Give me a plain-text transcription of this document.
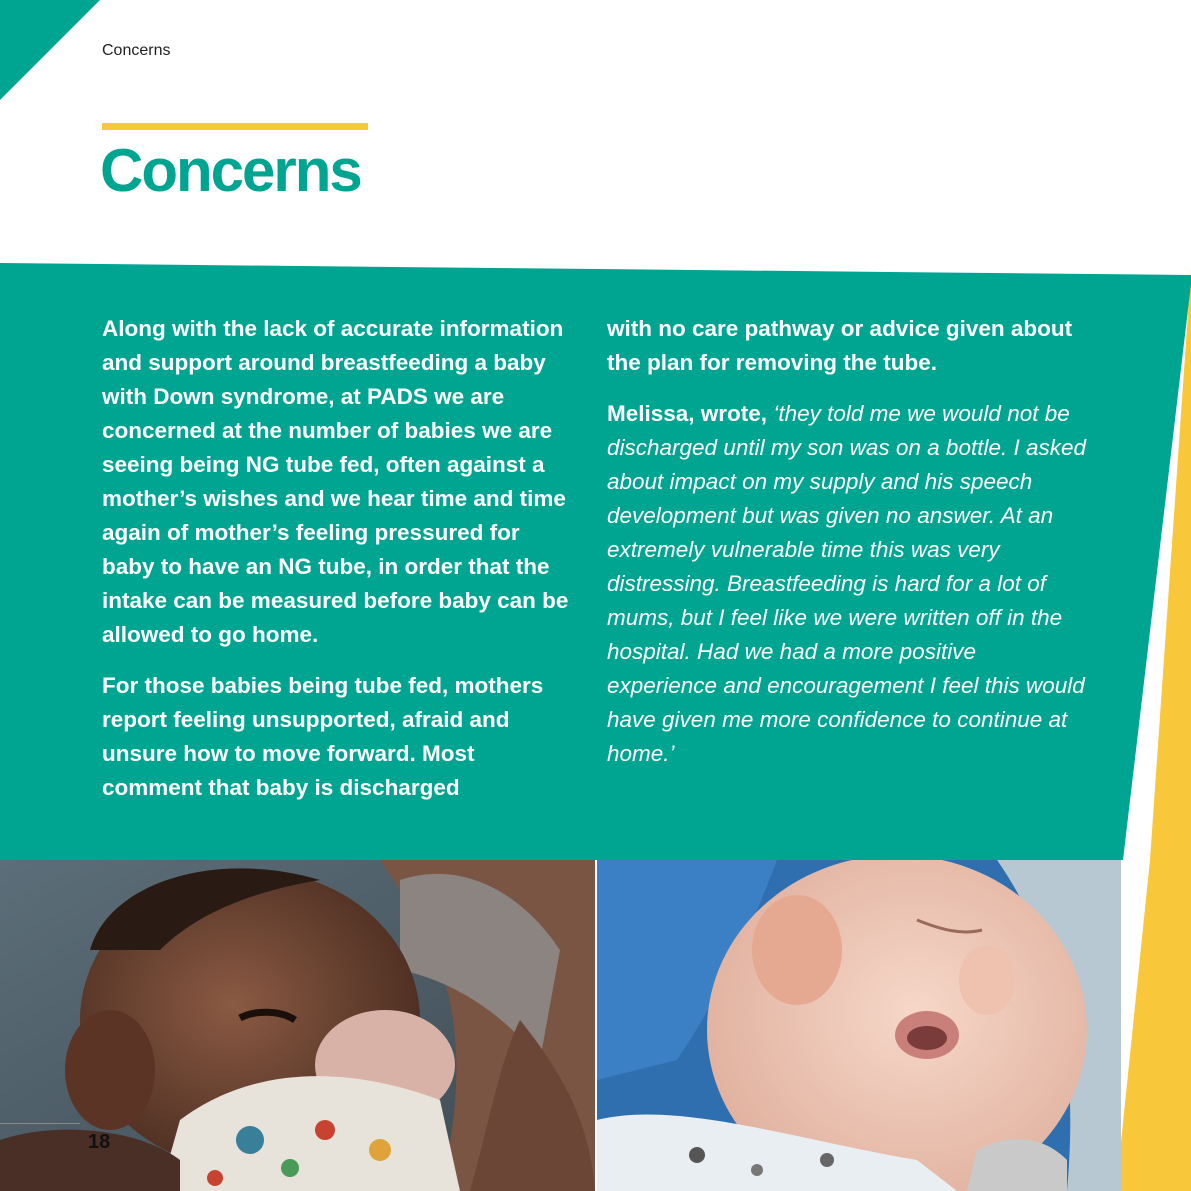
Concerns
Concerns

Along with the lack of accurate information and support around breastfeeding a baby with Down syndrome, at PADS we are concerned at the number of babies we are seeing being NG tube fed, often against a mother’s wishes and we hear time and time again of mother’s feeling pressured for baby to have an NG tube, in order that the intake can be measured before baby can be allowed to go home.

For those babies being tube fed, mothers report feeling unsupported, afraid and unsure how to move forward. Most comment that baby is discharged

with no care pathway or advice given about the plan for removing the tube.

Melissa, wrote, ‘they told me we would not be discharged until my son was on a bottle. I asked about impact on my supply and his speech development but was given no answer. At an extremely vulnerable time this was very distressing. Breastfeeding is hard for a lot of mums, but I feel like we were written off in the hospital. Had we had a more positive experience and encouragement I feel this would have given me more confidence to continue at home.’

18
